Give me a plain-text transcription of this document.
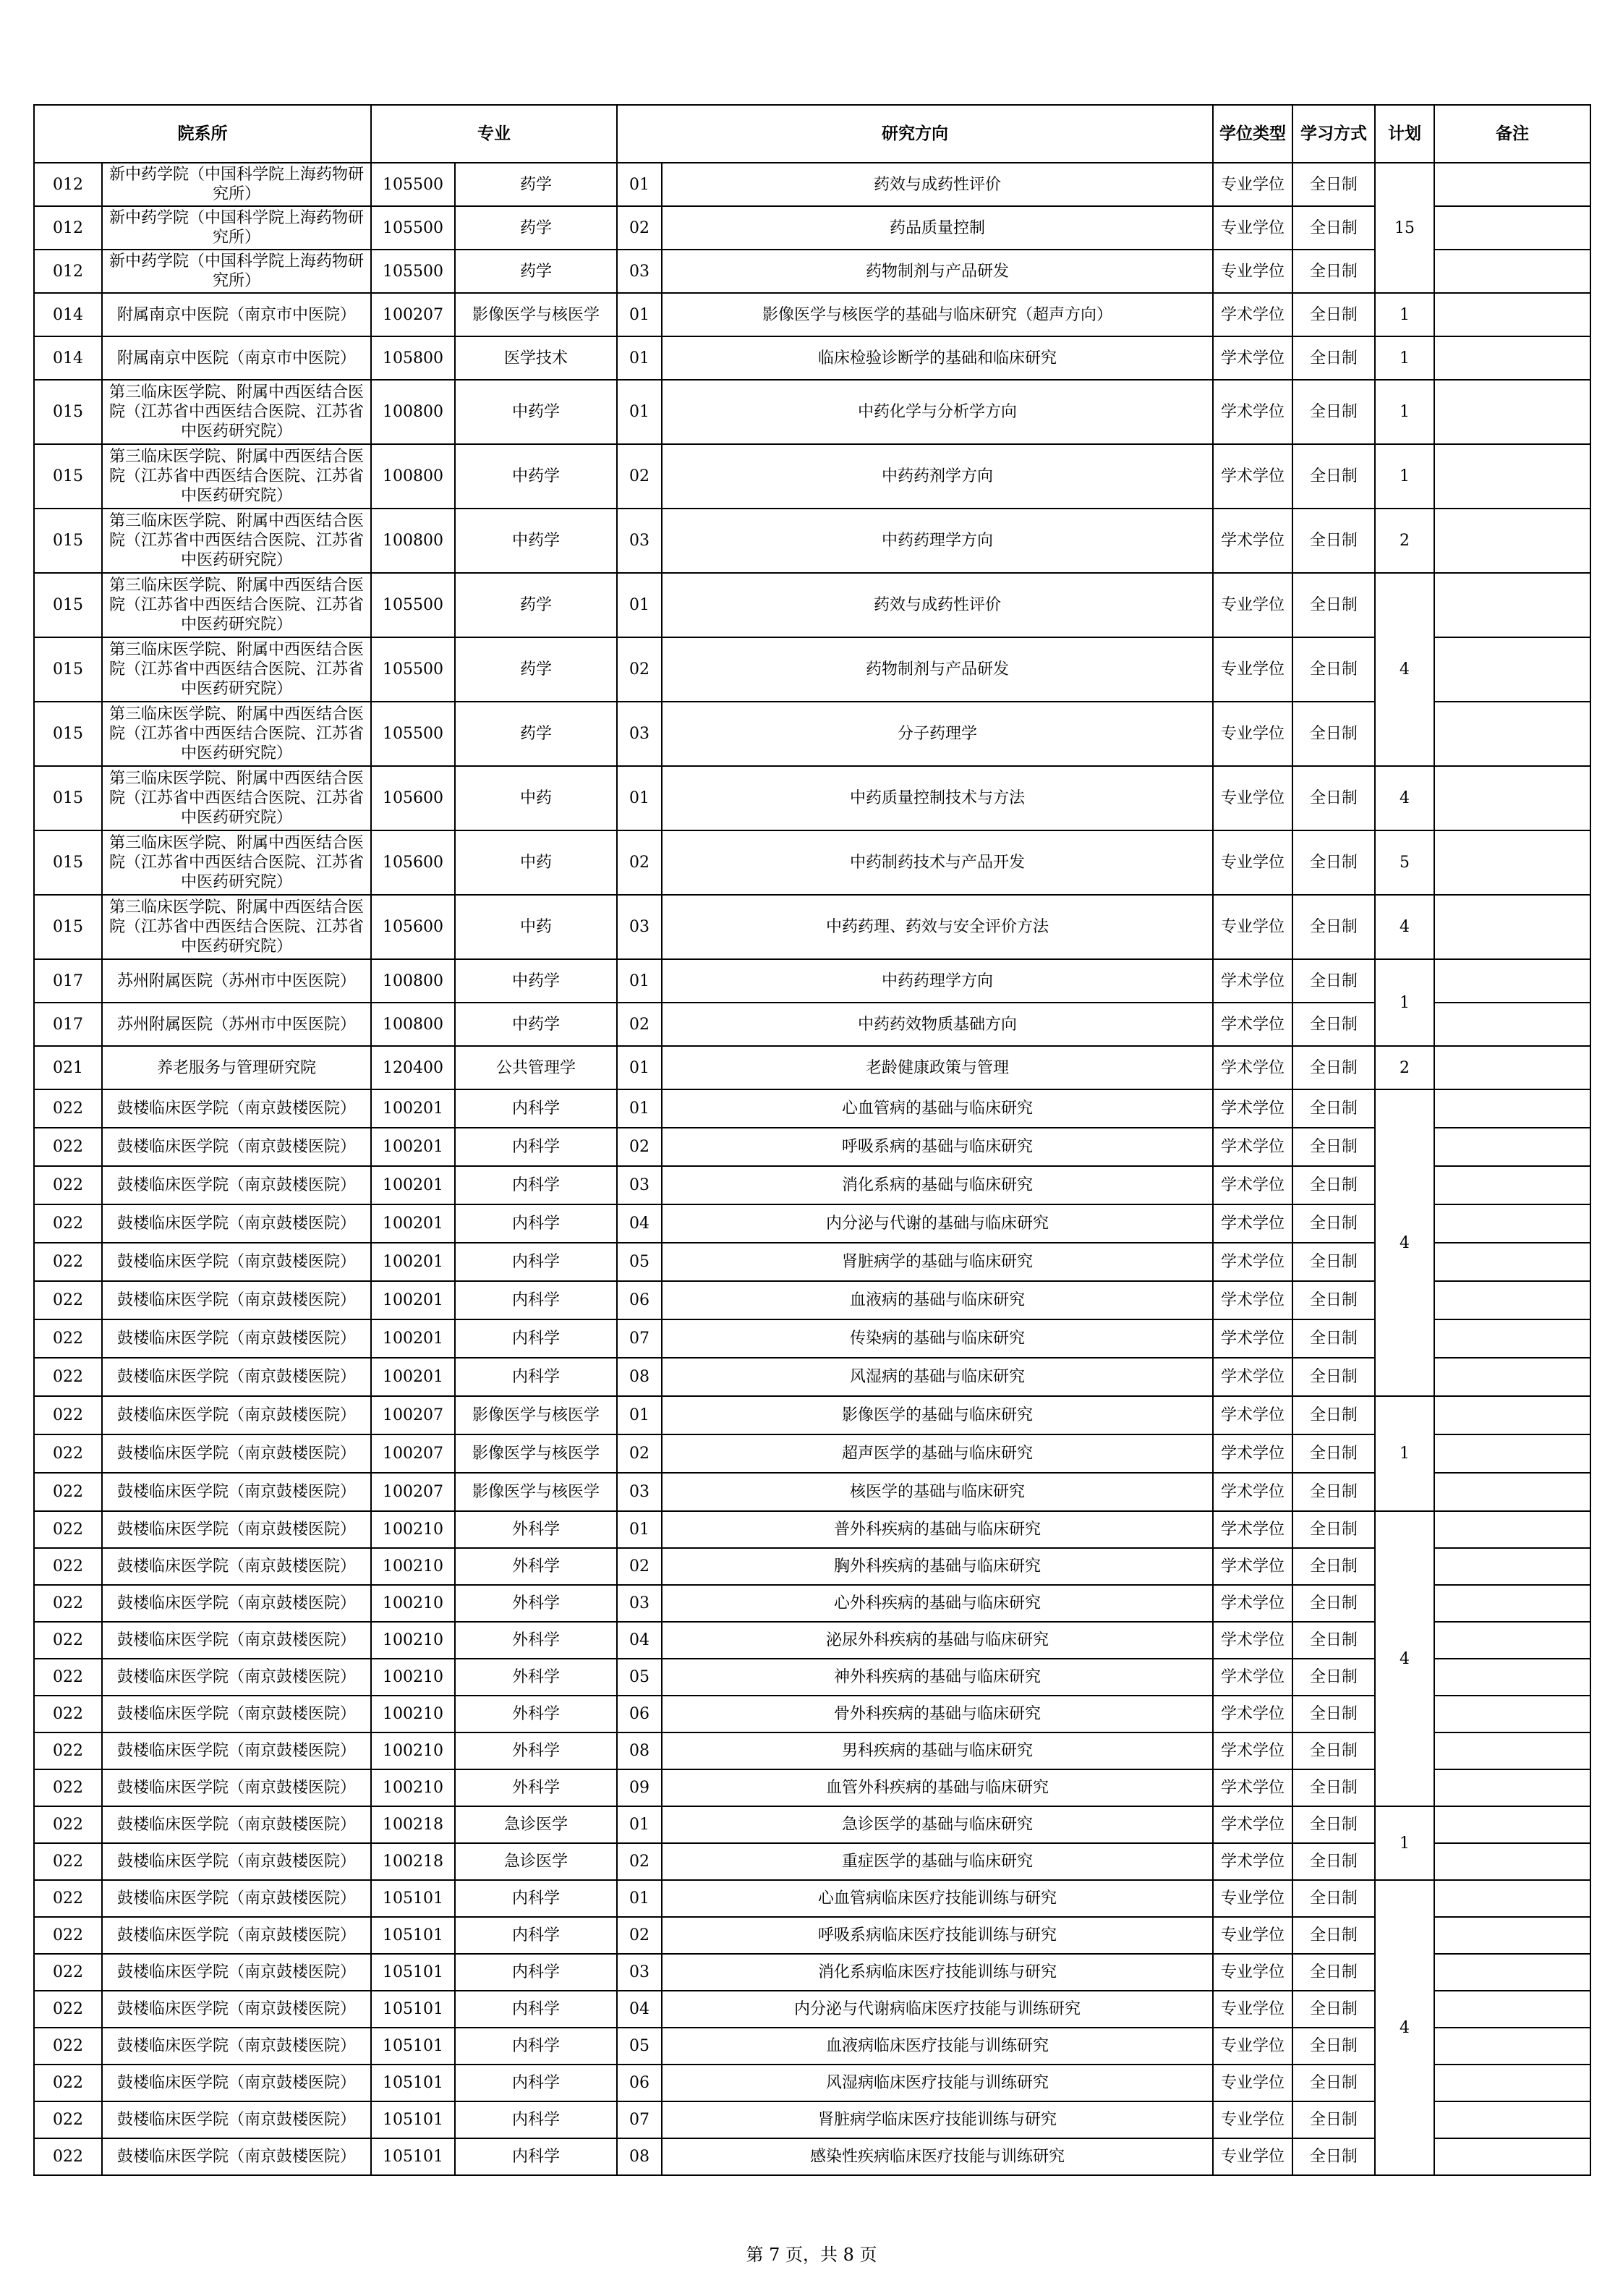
院系所		专业		研究方向		学位类型	学习方式	计划	备注
012	新中药学院（中国科学院上海药物研究所）	105500	药学	01	药效与成药性评价	专业学位	全日制	15	
012	新中药学院（中国科学院上海药物研究所）	105500	药学	02	药品质量控制	专业学位	全日制		
012	新中药学院（中国科学院上海药物研究所）	105500	药学	03	药物制剂与产品研发	专业学位	全日制		
014	附属南京中医院（南京市中医院）	100207	影像医学与核医学	01	影像医学与核医学的基础与临床研究（超声方向）	学术学位	全日制	1	
014	附属南京中医院（南京市中医院）	105800	医学技术	01	临床检验诊断学的基础和临床研究	学术学位	全日制	1	
015	第三临床医学院、附属中西医结合医院（江苏省中西医结合医院、江苏省中医药研究院）	100800	中药学	01	中药化学与分析学方向	学术学位	全日制	1	
015	第三临床医学院、附属中西医结合医院（江苏省中西医结合医院、江苏省中医药研究院）	100800	中药学	02	中药药剂学方向	学术学位	全日制	1	
015	第三临床医学院、附属中西医结合医院（江苏省中西医结合医院、江苏省中医药研究院）	100800	中药学	03	中药药理学方向	学术学位	全日制	2	
015	第三临床医学院、附属中西医结合医院（江苏省中西医结合医院、江苏省中医药研究院）	105500	药学	01	药效与成药性评价	专业学位	全日制	4	
015	第三临床医学院、附属中西医结合医院（江苏省中西医结合医院、江苏省中医药研究院）	105500	药学	02	药物制剂与产品研发	专业学位	全日制		
015	第三临床医学院、附属中西医结合医院（江苏省中西医结合医院、江苏省中医药研究院）	105500	药学	03	分子药理学	专业学位	全日制		
015	第三临床医学院、附属中西医结合医院（江苏省中西医结合医院、江苏省中医药研究院）	105600	中药	01	中药质量控制技术与方法	专业学位	全日制	4	
015	第三临床医学院、附属中西医结合医院（江苏省中西医结合医院、江苏省中医药研究院）	105600	中药	02	中药制药技术与产品开发	专业学位	全日制	5	
015	第三临床医学院、附属中西医结合医院（江苏省中西医结合医院、江苏省中医药研究院）	105600	中药	03	中药药理、药效与安全评价方法	专业学位	全日制	4	
017	苏州附属医院（苏州市中医医院）	100800	中药学	01	中药药理学方向	学术学位	全日制	1	
017	苏州附属医院（苏州市中医医院）	100800	中药学	02	中药药效物质基础方向	学术学位	全日制		
021	养老服务与管理研究院	120400	公共管理学	01	老龄健康政策与管理	学术学位	全日制	2	
022	鼓楼临床医学院（南京鼓楼医院）	100201	内科学	01	心血管病的基础与临床研究	学术学位	全日制	4	
022	鼓楼临床医学院（南京鼓楼医院）	100201	内科学	02	呼吸系病的基础与临床研究	学术学位	全日制		
022	鼓楼临床医学院（南京鼓楼医院）	100201	内科学	03	消化系病的基础与临床研究	学术学位	全日制		
022	鼓楼临床医学院（南京鼓楼医院）	100201	内科学	04	内分泌与代谢的基础与临床研究	学术学位	全日制		
022	鼓楼临床医学院（南京鼓楼医院）	100201	内科学	05	肾脏病学的基础与临床研究	学术学位	全日制		
022	鼓楼临床医学院（南京鼓楼医院）	100201	内科学	06	血液病的基础与临床研究	学术学位	全日制		
022	鼓楼临床医学院（南京鼓楼医院）	100201	内科学	07	传染病的基础与临床研究	学术学位	全日制		
022	鼓楼临床医学院（南京鼓楼医院）	100201	内科学	08	风湿病的基础与临床研究	学术学位	全日制		
022	鼓楼临床医学院（南京鼓楼医院）	100207	影像医学与核医学	01	影像医学的基础与临床研究	学术学位	全日制	1	
022	鼓楼临床医学院（南京鼓楼医院）	100207	影像医学与核医学	02	超声医学的基础与临床研究	学术学位	全日制		
022	鼓楼临床医学院（南京鼓楼医院）	100207	影像医学与核医学	03	核医学的基础与临床研究	学术学位	全日制		
022	鼓楼临床医学院（南京鼓楼医院）	100210	外科学	01	普外科疾病的基础与临床研究	学术学位	全日制	4	
022	鼓楼临床医学院（南京鼓楼医院）	100210	外科学	02	胸外科疾病的基础与临床研究	学术学位	全日制		
022	鼓楼临床医学院（南京鼓楼医院）	100210	外科学	03	心外科疾病的基础与临床研究	学术学位	全日制		
022	鼓楼临床医学院（南京鼓楼医院）	100210	外科学	04	泌尿外科疾病的基础与临床研究	学术学位	全日制		
022	鼓楼临床医学院（南京鼓楼医院）	100210	外科学	05	神外科疾病的基础与临床研究	学术学位	全日制		
022	鼓楼临床医学院（南京鼓楼医院）	100210	外科学	06	骨外科疾病的基础与临床研究	学术学位	全日制		
022	鼓楼临床医学院（南京鼓楼医院）	100210	外科学	08	男科疾病的基础与临床研究	学术学位	全日制		
022	鼓楼临床医学院（南京鼓楼医院）	100210	外科学	09	血管外科疾病的基础与临床研究	学术学位	全日制		
022	鼓楼临床医学院（南京鼓楼医院）	100218	急诊医学	01	急诊医学的基础与临床研究	学术学位	全日制	1	
022	鼓楼临床医学院（南京鼓楼医院）	100218	急诊医学	02	重症医学的基础与临床研究	学术学位	全日制		
022	鼓楼临床医学院（南京鼓楼医院）	105101	内科学	01	心血管病临床医疗技能训练与研究	专业学位	全日制	4	
022	鼓楼临床医学院（南京鼓楼医院）	105101	内科学	02	呼吸系病临床医疗技能训练与研究	专业学位	全日制		
022	鼓楼临床医学院（南京鼓楼医院）	105101	内科学	03	消化系病临床医疗技能训练与研究	专业学位	全日制		
022	鼓楼临床医学院（南京鼓楼医院）	105101	内科学	04	内分泌与代谢病临床医疗技能与训练研究	专业学位	全日制		
022	鼓楼临床医学院（南京鼓楼医院）	105101	内科学	05	血液病临床医疗技能与训练研究	专业学位	全日制		
022	鼓楼临床医学院（南京鼓楼医院）	105101	内科学	06	风湿病临床医疗技能与训练研究	专业学位	全日制		
022	鼓楼临床医学院（南京鼓楼医院）	105101	内科学	07	肾脏病学临床医疗技能训练与研究	专业学位	全日制		
022	鼓楼临床医学院（南京鼓楼医院）	105101	内科学	08	感染性疾病临床医疗技能与训练研究	专业学位	全日制		
第 7 页，共 8 页
